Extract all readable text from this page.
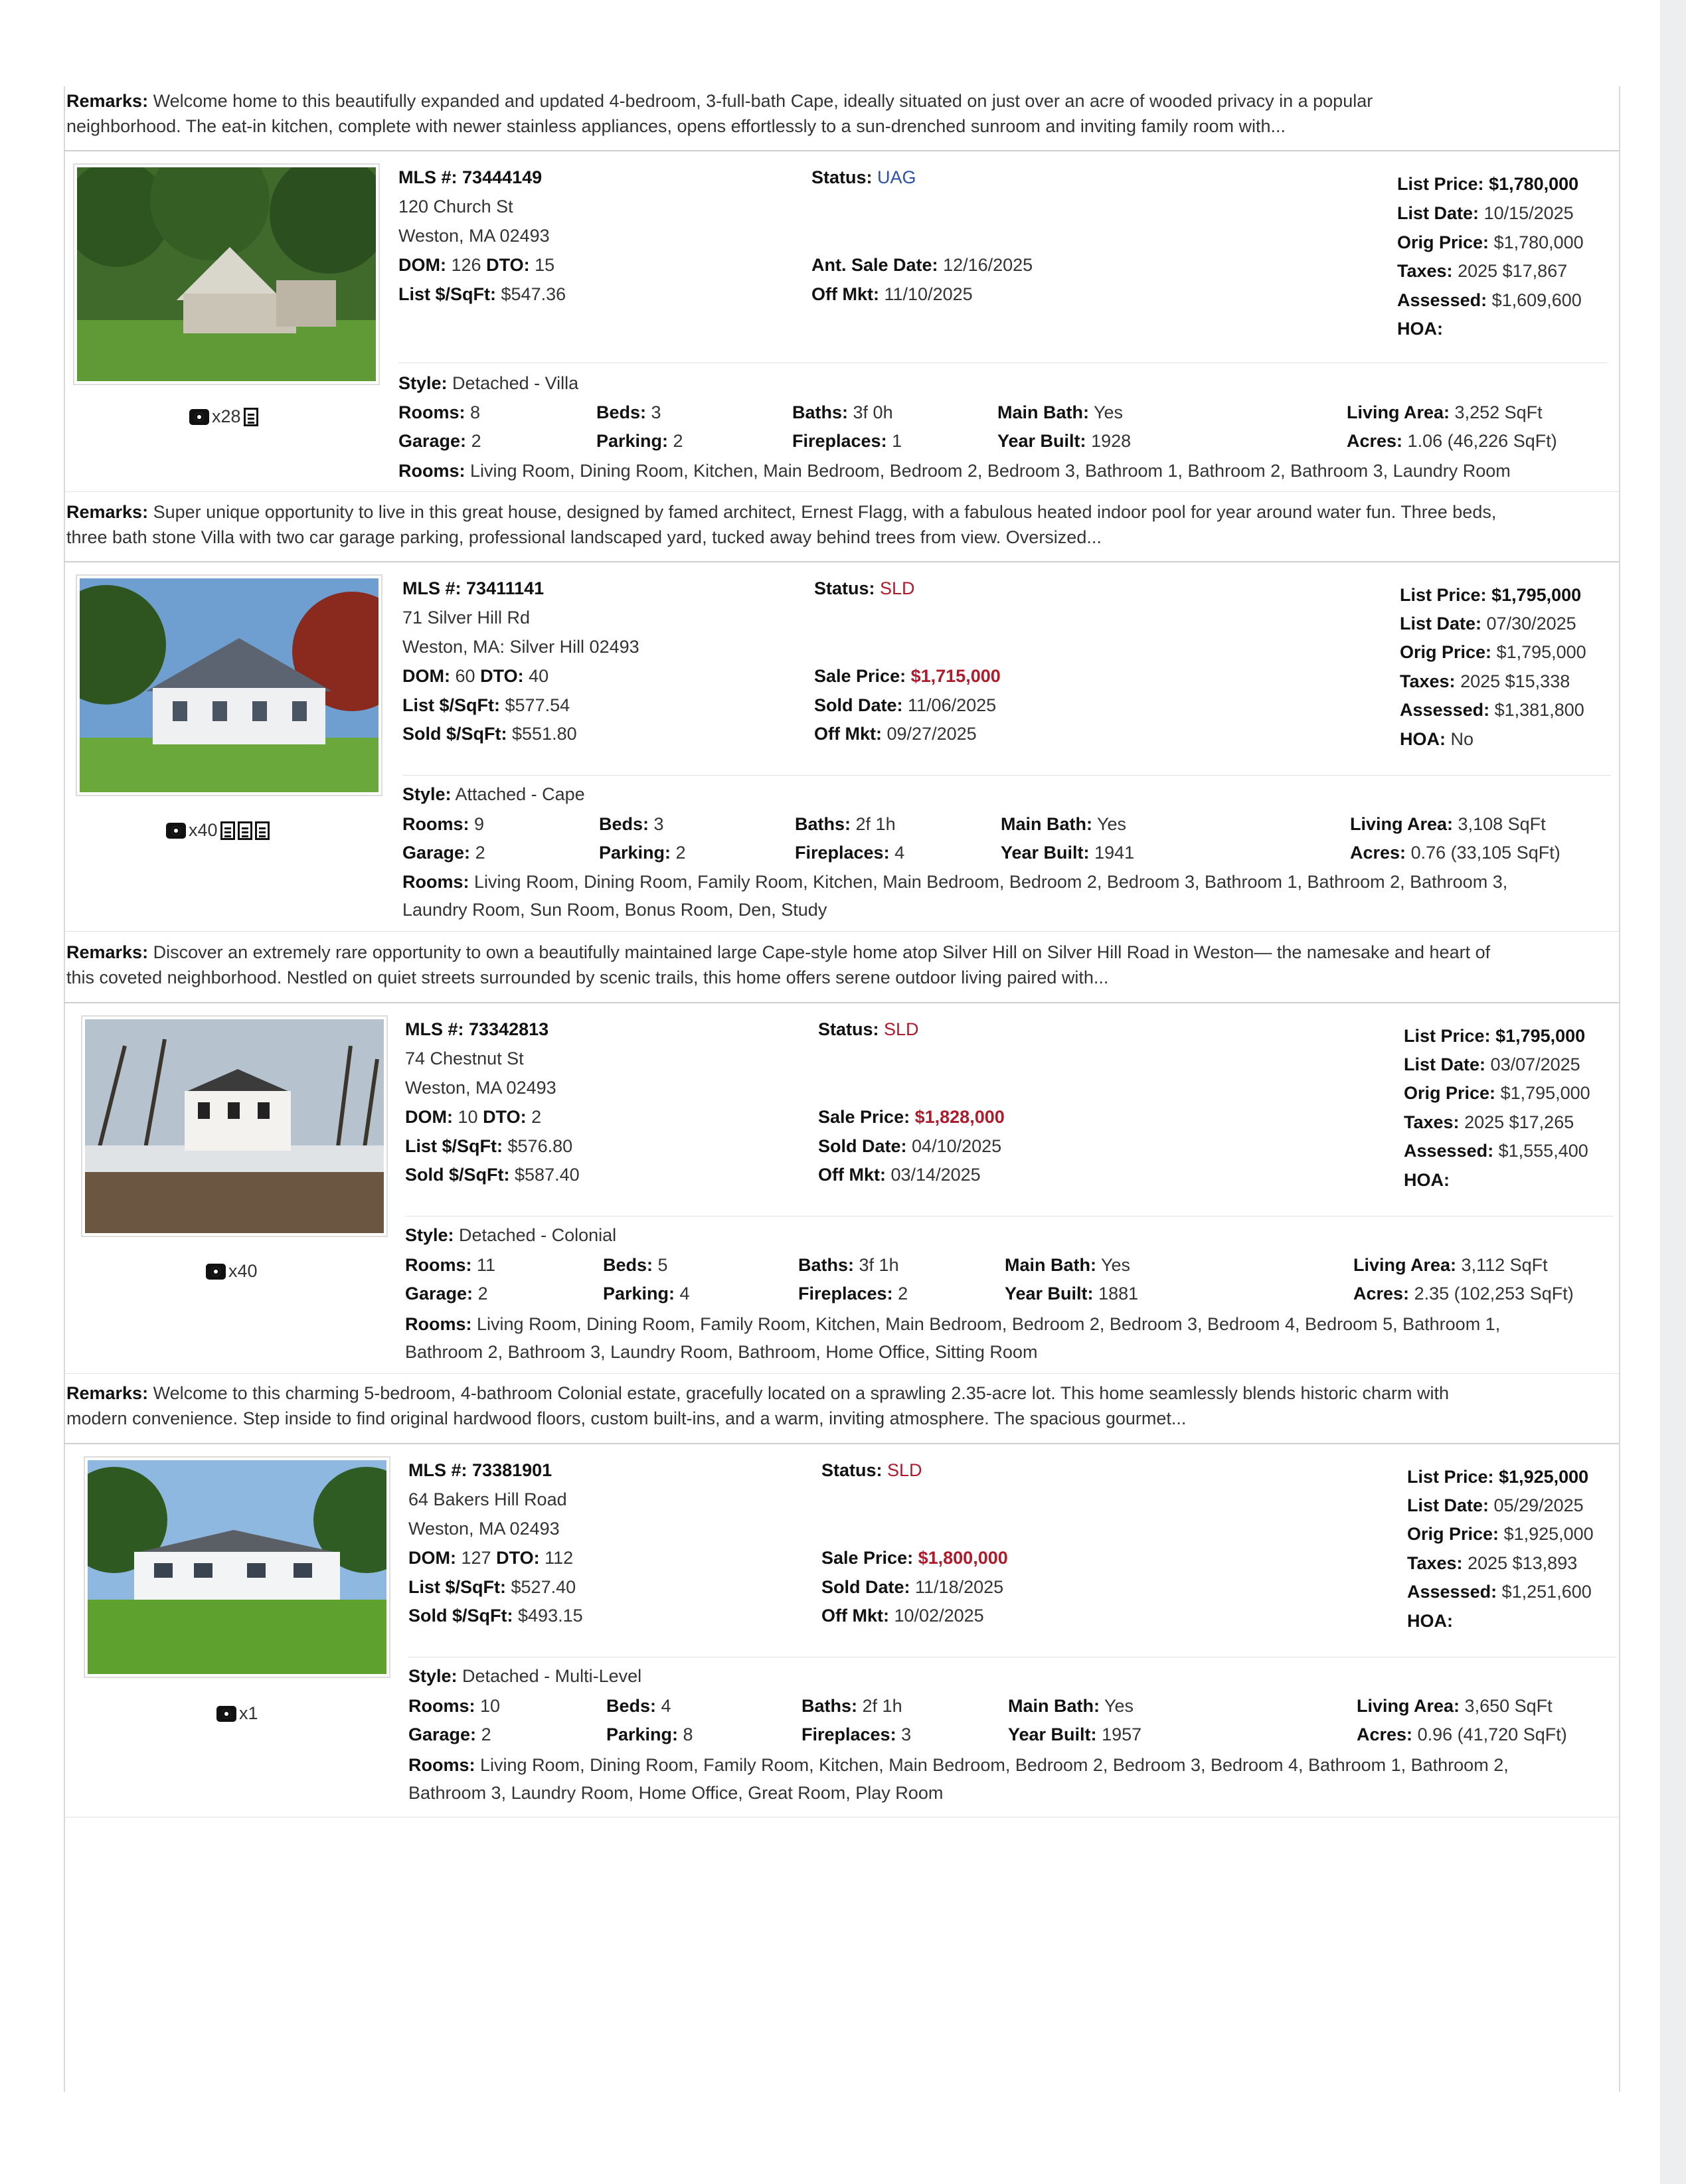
Remarks: Welcome home to this beautifully expanded and updated 4-bedroom, 3-full-bath Cape, ideally situated on just over an acre of wooded privacy in a popular
neighborhood. The eat-in kitchen, complete with newer stainless appliances, opens effortlessly to a sun-drenched sunroom and inviting family room with...
x28
MLS #: 73444149
120 Church St
Weston, MA 02493
DOM: 126 DTO: 15
List $/SqFt: $547.36
Status: UAG
Ant. Sale Date: 12/16/2025
Off Mkt: 11/10/2025
List Price: $1,780,000
List Date: 10/15/2025
Orig Price: $1,780,000
Taxes: 2025 $17,867
Assessed: $1,609,600
HOA:
Style: Detached - Villa
Rooms: 8	Beds: 3	Baths: 3f 0h	Main Bath: Yes	Living Area: 3,252 SqFt
Garage: 2	Parking: 2	Fireplaces: 1	Year Built: 1928	Acres: 1.06 (46,226 SqFt)
Rooms: Living Room, Dining Room, Kitchen, Main Bedroom, Bedroom 2, Bedroom 3, Bathroom 1, Bathroom 2, Bathroom 3, Laundry Room
Remarks: Super unique opportunity to live in this great house, designed by famed architect, Ernest Flagg, with a fabulous heated indoor pool for year around water fun. Three beds,
three bath stone Villa with two car garage parking, professional landscaped yard, tucked away behind trees from view. Oversized...
x40
MLS #: 73411141
71 Silver Hill Rd
Weston, MA: Silver Hill 02493
DOM: 60 DTO: 40
List $/SqFt: $577.54
Sold $/SqFt: $551.80
Status: SLD
Sale Price: $1,715,000
Sold Date: 11/06/2025
Off Mkt: 09/27/2025
List Price: $1,795,000
List Date: 07/30/2025
Orig Price: $1,795,000
Taxes: 2025 $15,338
Assessed: $1,381,800
HOA: No
Style: Attached - Cape
Rooms: 9	Beds: 3	Baths: 2f 1h	Main Bath: Yes	Living Area: 3,108 SqFt
Garage: 2	Parking: 2	Fireplaces: 4	Year Built: 1941	Acres: 0.76 (33,105 SqFt)
Rooms: Living Room, Dining Room, Family Room, Kitchen, Main Bedroom, Bedroom 2, Bedroom 3, Bathroom 1, Bathroom 2, Bathroom 3,
Laundry Room, Sun Room, Bonus Room, Den, Study
Remarks: Discover an extremely rare opportunity to own a beautifully maintained large Cape-style home atop Silver Hill on Silver Hill Road in Weston— the namesake and heart of
this coveted neighborhood. Nestled on quiet streets surrounded by scenic trails, this home offers serene outdoor living paired with...
x40
MLS #: 73342813
74 Chestnut St
Weston, MA 02493
DOM: 10 DTO: 2
List $/SqFt: $576.80
Sold $/SqFt: $587.40
Status: SLD
Sale Price: $1,828,000
Sold Date: 04/10/2025
Off Mkt: 03/14/2025
List Price: $1,795,000
List Date: 03/07/2025
Orig Price: $1,795,000
Taxes: 2025 $17,265
Assessed: $1,555,400
HOA:
Style: Detached - Colonial
Rooms: 11	Beds: 5	Baths: 3f 1h	Main Bath: Yes	Living Area: 3,112 SqFt
Garage: 2	Parking: 4	Fireplaces: 2	Year Built: 1881	Acres: 2.35 (102,253 SqFt)
Rooms: Living Room, Dining Room, Family Room, Kitchen, Main Bedroom, Bedroom 2, Bedroom 3, Bedroom 4, Bedroom 5, Bathroom 1,
Bathroom 2, Bathroom 3, Laundry Room, Bathroom, Home Office, Sitting Room
Remarks: Welcome to this charming 5-bedroom, 4-bathroom Colonial estate, gracefully located on a sprawling 2.35-acre lot. This home seamlessly blends historic charm with
modern convenience. Step inside to find original hardwood floors, custom built-ins, and a warm, inviting atmosphere. The spacious gourmet...
x1
MLS #: 73381901
64 Bakers Hill Road
Weston, MA 02493
DOM: 127 DTO: 112
List $/SqFt: $527.40
Sold $/SqFt: $493.15
Status: SLD
Sale Price: $1,800,000
Sold Date: 11/18/2025
Off Mkt: 10/02/2025
List Price: $1,925,000
List Date: 05/29/2025
Orig Price: $1,925,000
Taxes: 2025 $13,893
Assessed: $1,251,600
HOA:
Style: Detached - Multi-Level
Rooms: 10	Beds: 4	Baths: 2f 1h	Main Bath: Yes	Living Area: 3,650 SqFt
Garage: 2	Parking: 8	Fireplaces: 3	Year Built: 1957	Acres: 0.96 (41,720 SqFt)
Rooms: Living Room, Dining Room, Family Room, Kitchen, Main Bedroom, Bedroom 2, Bedroom 3, Bedroom 4, Bathroom 1, Bathroom 2,
Bathroom 3, Laundry Room, Home Office, Great Room, Play Room
